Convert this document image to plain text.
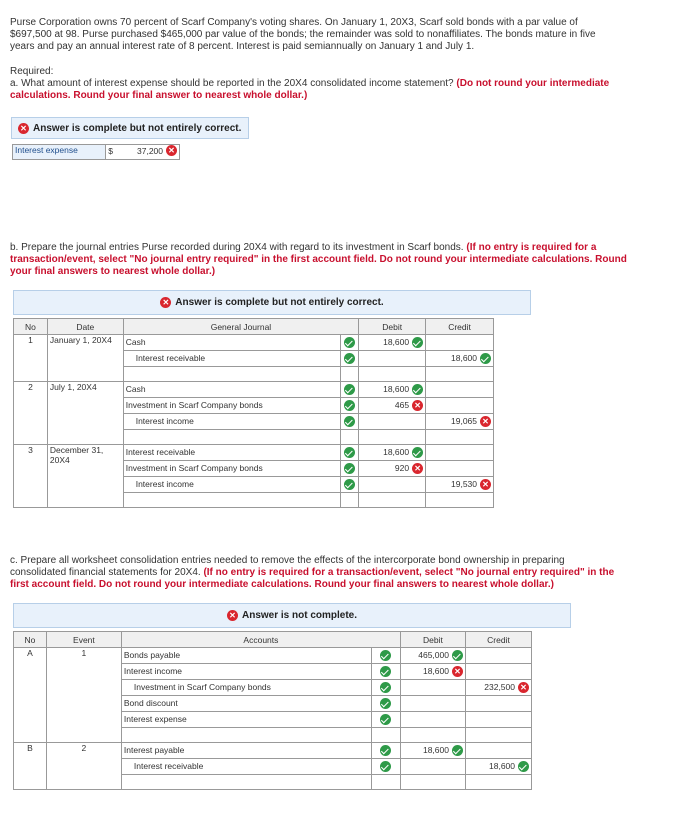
Purse Corporation owns 70 percent of Scarf Company's voting shares. On January 1, 20X3, Scarf sold bonds with a par value of
$697,500 at 98. Purse purchased $465,000 par value of the bonds; the remainder was sold to nonaffiliates. The bonds mature in five
years and pay an annual interest rate of 8 percent. Interest is paid semiannually on January 1 and July 1.
Required:
a. What amount of interest expense should be reported in the 20X4 consolidated income statement? (Do not round your intermediate
calculations. Round your final answer to nearest whole dollar.)
✕ Answer is complete but not entirely correct.
Interest expense	$	37,200 ✕
b. Prepare the journal entries Purse recorded during 20X4 with regard to its investment in Scarf bonds. (If no entry is required for a
transaction/event, select "No journal entry required" in the first account field. Do not round your intermediate calculations. Round
your final answers to nearest whole dollar.)
✕ Answer is complete but not entirely correct.
No	Date	General Journal		Debit	Credit
1	January 1, 20X4	Cash		18,600	

		Interest receivable			18,600

2	July 1, 20X4	Cash		18,600	

		Investment in Scarf Company bonds		465 ✕	

		Interest income			19,065 ✕

3	December 31, 20X4	Interest receivable		18,600	

		Investment in Scarf Company bonds		920 ✕	

		Interest income			19,530 ✕

c. Prepare all worksheet consolidation entries needed to remove the effects of the intercorporate bond ownership in preparing
consolidated financial statements for 20X4. (If no entry is required for a transaction/event, select "No journal entry required" in the
first account field. Do not round your intermediate calculations. Round your final answers to nearest whole dollar.)
✕ Answer is not complete.
No	Event	Accounts		Debit	Credit
A	1	Bonds payable		465,000	

		Interest income		18,600 ✕	

		Investment in Scarf Company bonds			232,500 ✕

		Bond discount			

		Interest expense			

B	2	Interest payable		18,600	

		Interest receivable			18,600
